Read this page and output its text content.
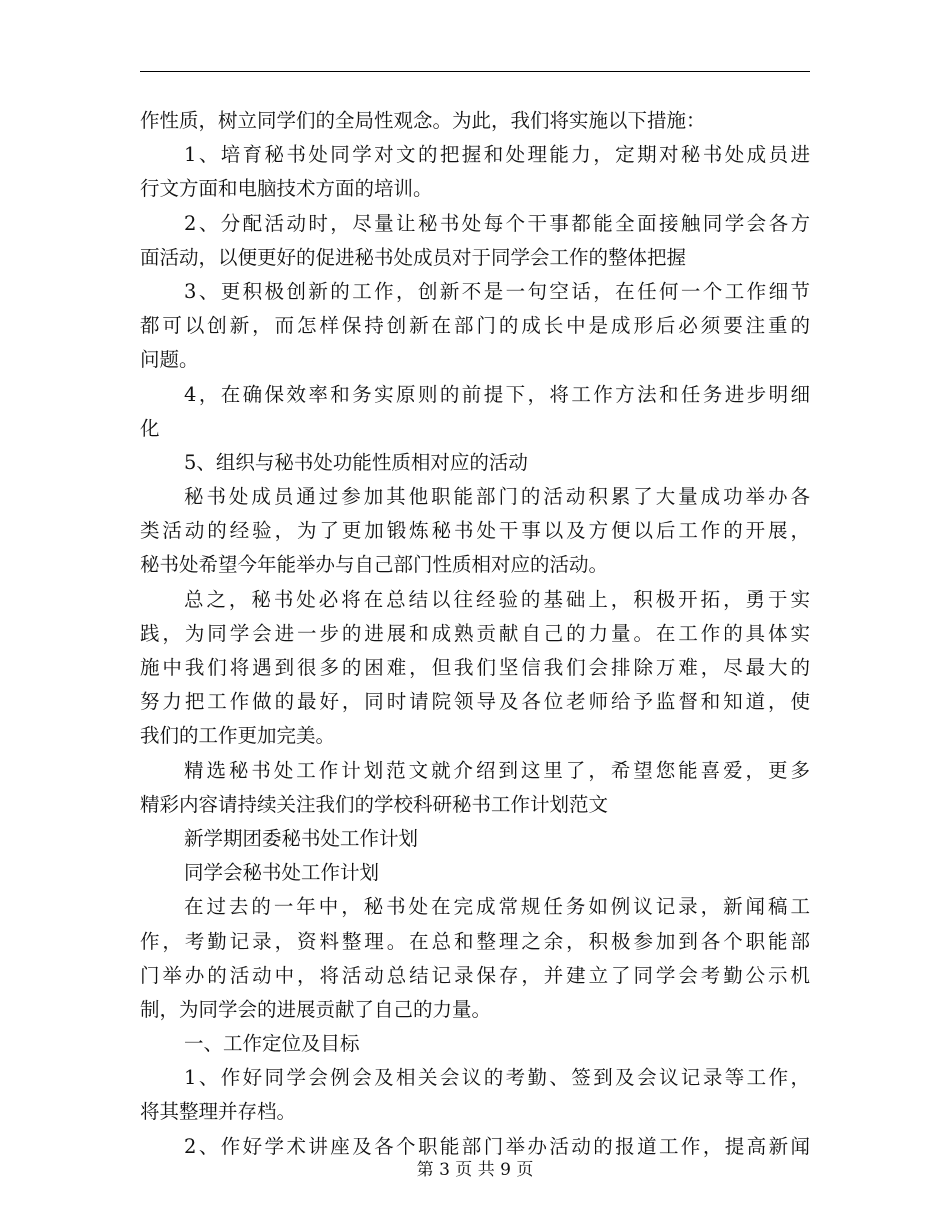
作性质，树立同学们的全局性观念。为此，我们将实施以下措施：
1、培育秘书处同学对文的把握和处理能力，定期对秘书处成员进
行文方面和电脑技术方面的培训。
2、分配活动时，尽量让秘书处每个干事都能全面接触同学会各方
面活动，以便更好的促进秘书处成员对于同学会工作的整体把握
3、更积极创新的工作，创新不是一句空话，在任何一个工作细节
都可以创新，而怎样保持创新在部门的成长中是成形后必须要注重的
问题。
4，在确保效率和务实原则的前提下，将工作方法和任务进步明细
化
5、组织与秘书处功能性质相对应的活动
秘书处成员通过参加其他职能部门的活动积累了大量成功举办各
类活动的经验，为了更加锻炼秘书处干事以及方便以后工作的开展，
秘书处希望今年能举办与自己部门性质相对应的活动。
总之，秘书处必将在总结以往经验的基础上，积极开拓，勇于实
践，为同学会进一步的进展和成熟贡献自己的力量。在工作的具体实
施中我们将遇到很多的困难，但我们坚信我们会排除万难，尽最大的
努力把工作做的最好，同时请院领导及各位老师给予监督和知道，使
我们的工作更加完美。
精选秘书处工作计划范文就介绍到这里了，希望您能喜爱，更多
精彩内容请持续关注我们的学校科研秘书工作计划范文
新学期团委秘书处工作计划
同学会秘书处工作计划
在过去的一年中，秘书处在完成常规任务如例议记录，新闻稿工
作，考勤记录，资料整理。在总和整理之余，积极参加到各个职能部
门举办的活动中，将活动总结记录保存，并建立了同学会考勤公示机
制，为同学会的进展贡献了自己的力量。
一、工作定位及目标
1、作好同学会例会及相关会议的考勤、签到及会议记录等工作，
将其整理并存档。
2、作好学术讲座及各个职能部门举办活动的报道工作，提高新闻
第 3 页 共 9 页
